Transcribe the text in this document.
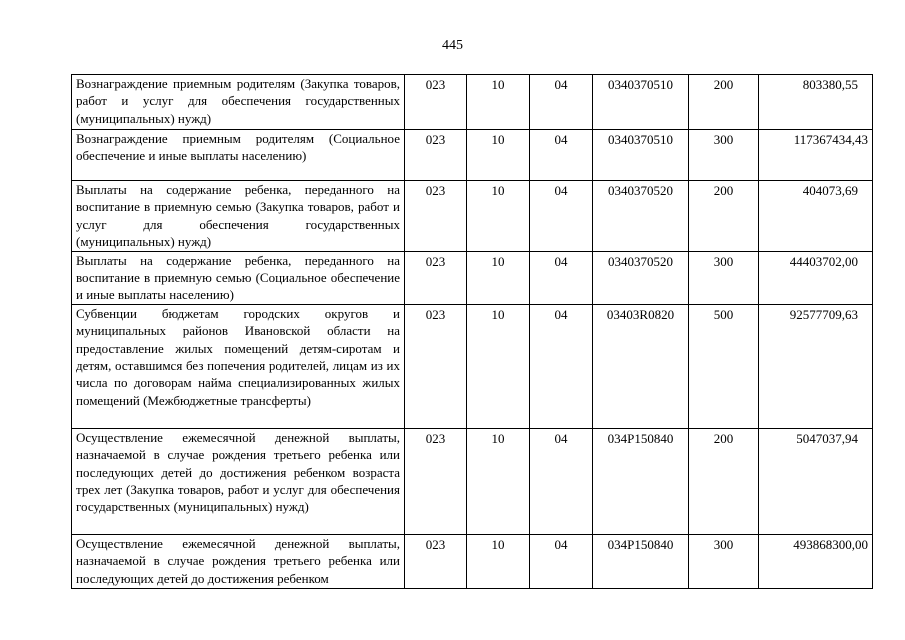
445
Вознаграждение приемным родителям (Закупка товаров, работ и услуг для обеспечения государственных (муниципальных) нужд)	023	10	04	0340370510	200	803380,55

Вознаграждение приемным родителям (Социальное обеспечение и иные выплаты населению)	023	10	04	0340370510	300	117367434,43

Выплаты на содержание ребенка, переданного на воспитание в приемную семью (Закупка товаров, работ и услуг для обеспечения государственных (муниципальных) нужд)	023	10	04	0340370520	200	404073,69

Выплаты на содержание ребенка, переданного на воспитание в приемную семью (Социальное обеспечение и иные выплаты населению)	023	10	04	0340370520	300	44403702,00

Субвенции бюджетам городских округов и муниципальных районов Ивановской области на предоставление жилых помещений детям-сиротам и детям, оставшимся без попечения родителей, лицам из их числа по договорам найма специализированных жилых помещений (Межбюджетные трансферты)	023	10	04	03403R0820	500	92577709,63

Осуществление ежемесячной денежной выплаты, назначаемой в случае рождения третьего ребенка или последующих детей до достижения ребенком возраста трех лет (Закупка товаров, работ и услуг для обеспечения государственных (муниципальных) нужд)	023	10	04	034P150840	200	5047037,94

Осуществление ежемесячной денежной выплаты, назначаемой в случае рождения третьего ребенка или последующих детей до достижения ребенком	023	10	04	034P150840	300	493868300,00
